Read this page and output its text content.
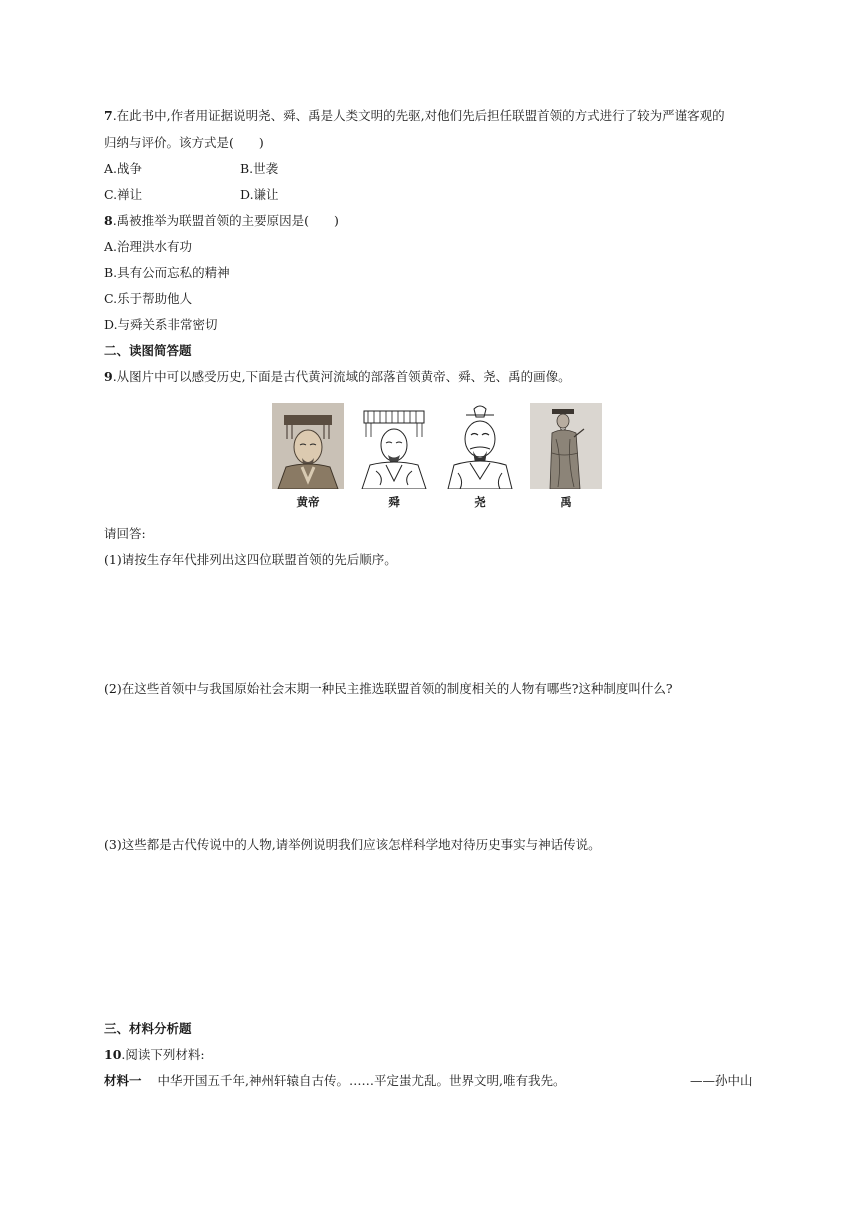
7.在此书中,作者用证据说明尧、舜、禹是人类文明的先驱,对他们先后担任联盟首领的方式进行了较为严谨客观的
归纳与评价。该方式是(　　)
A.战争	B.世袭
C.禅让	D.谦让
8.禹被推举为联盟首领的主要原因是(　　)
A.治理洪水有功
B.具有公而忘私的精神
C.乐于帮助他人
D.与舜关系非常密切
二、读图简答题
9.从图片中可以感受历史,下面是古代黄河流域的部落首领黄帝、舜、尧、禹的画像。
黄帝	舜	尧	禹
请回答:
(1)请按生存年代排列出这四位联盟首领的先后顺序。
(2)在这些首领中与我国原始社会末期一种民主推选联盟首领的制度相关的人物有哪些?这种制度叫什么?
(3)这些都是古代传说中的人物,请举例说明我们应该怎样科学地对待历史事实与神话传说。
三、材料分析题
10.阅读下列材料:
材料一 中华开国五千年,神州轩辕自古传。……平定蚩尤乱。世界文明,唯有我先。	——孙中山
